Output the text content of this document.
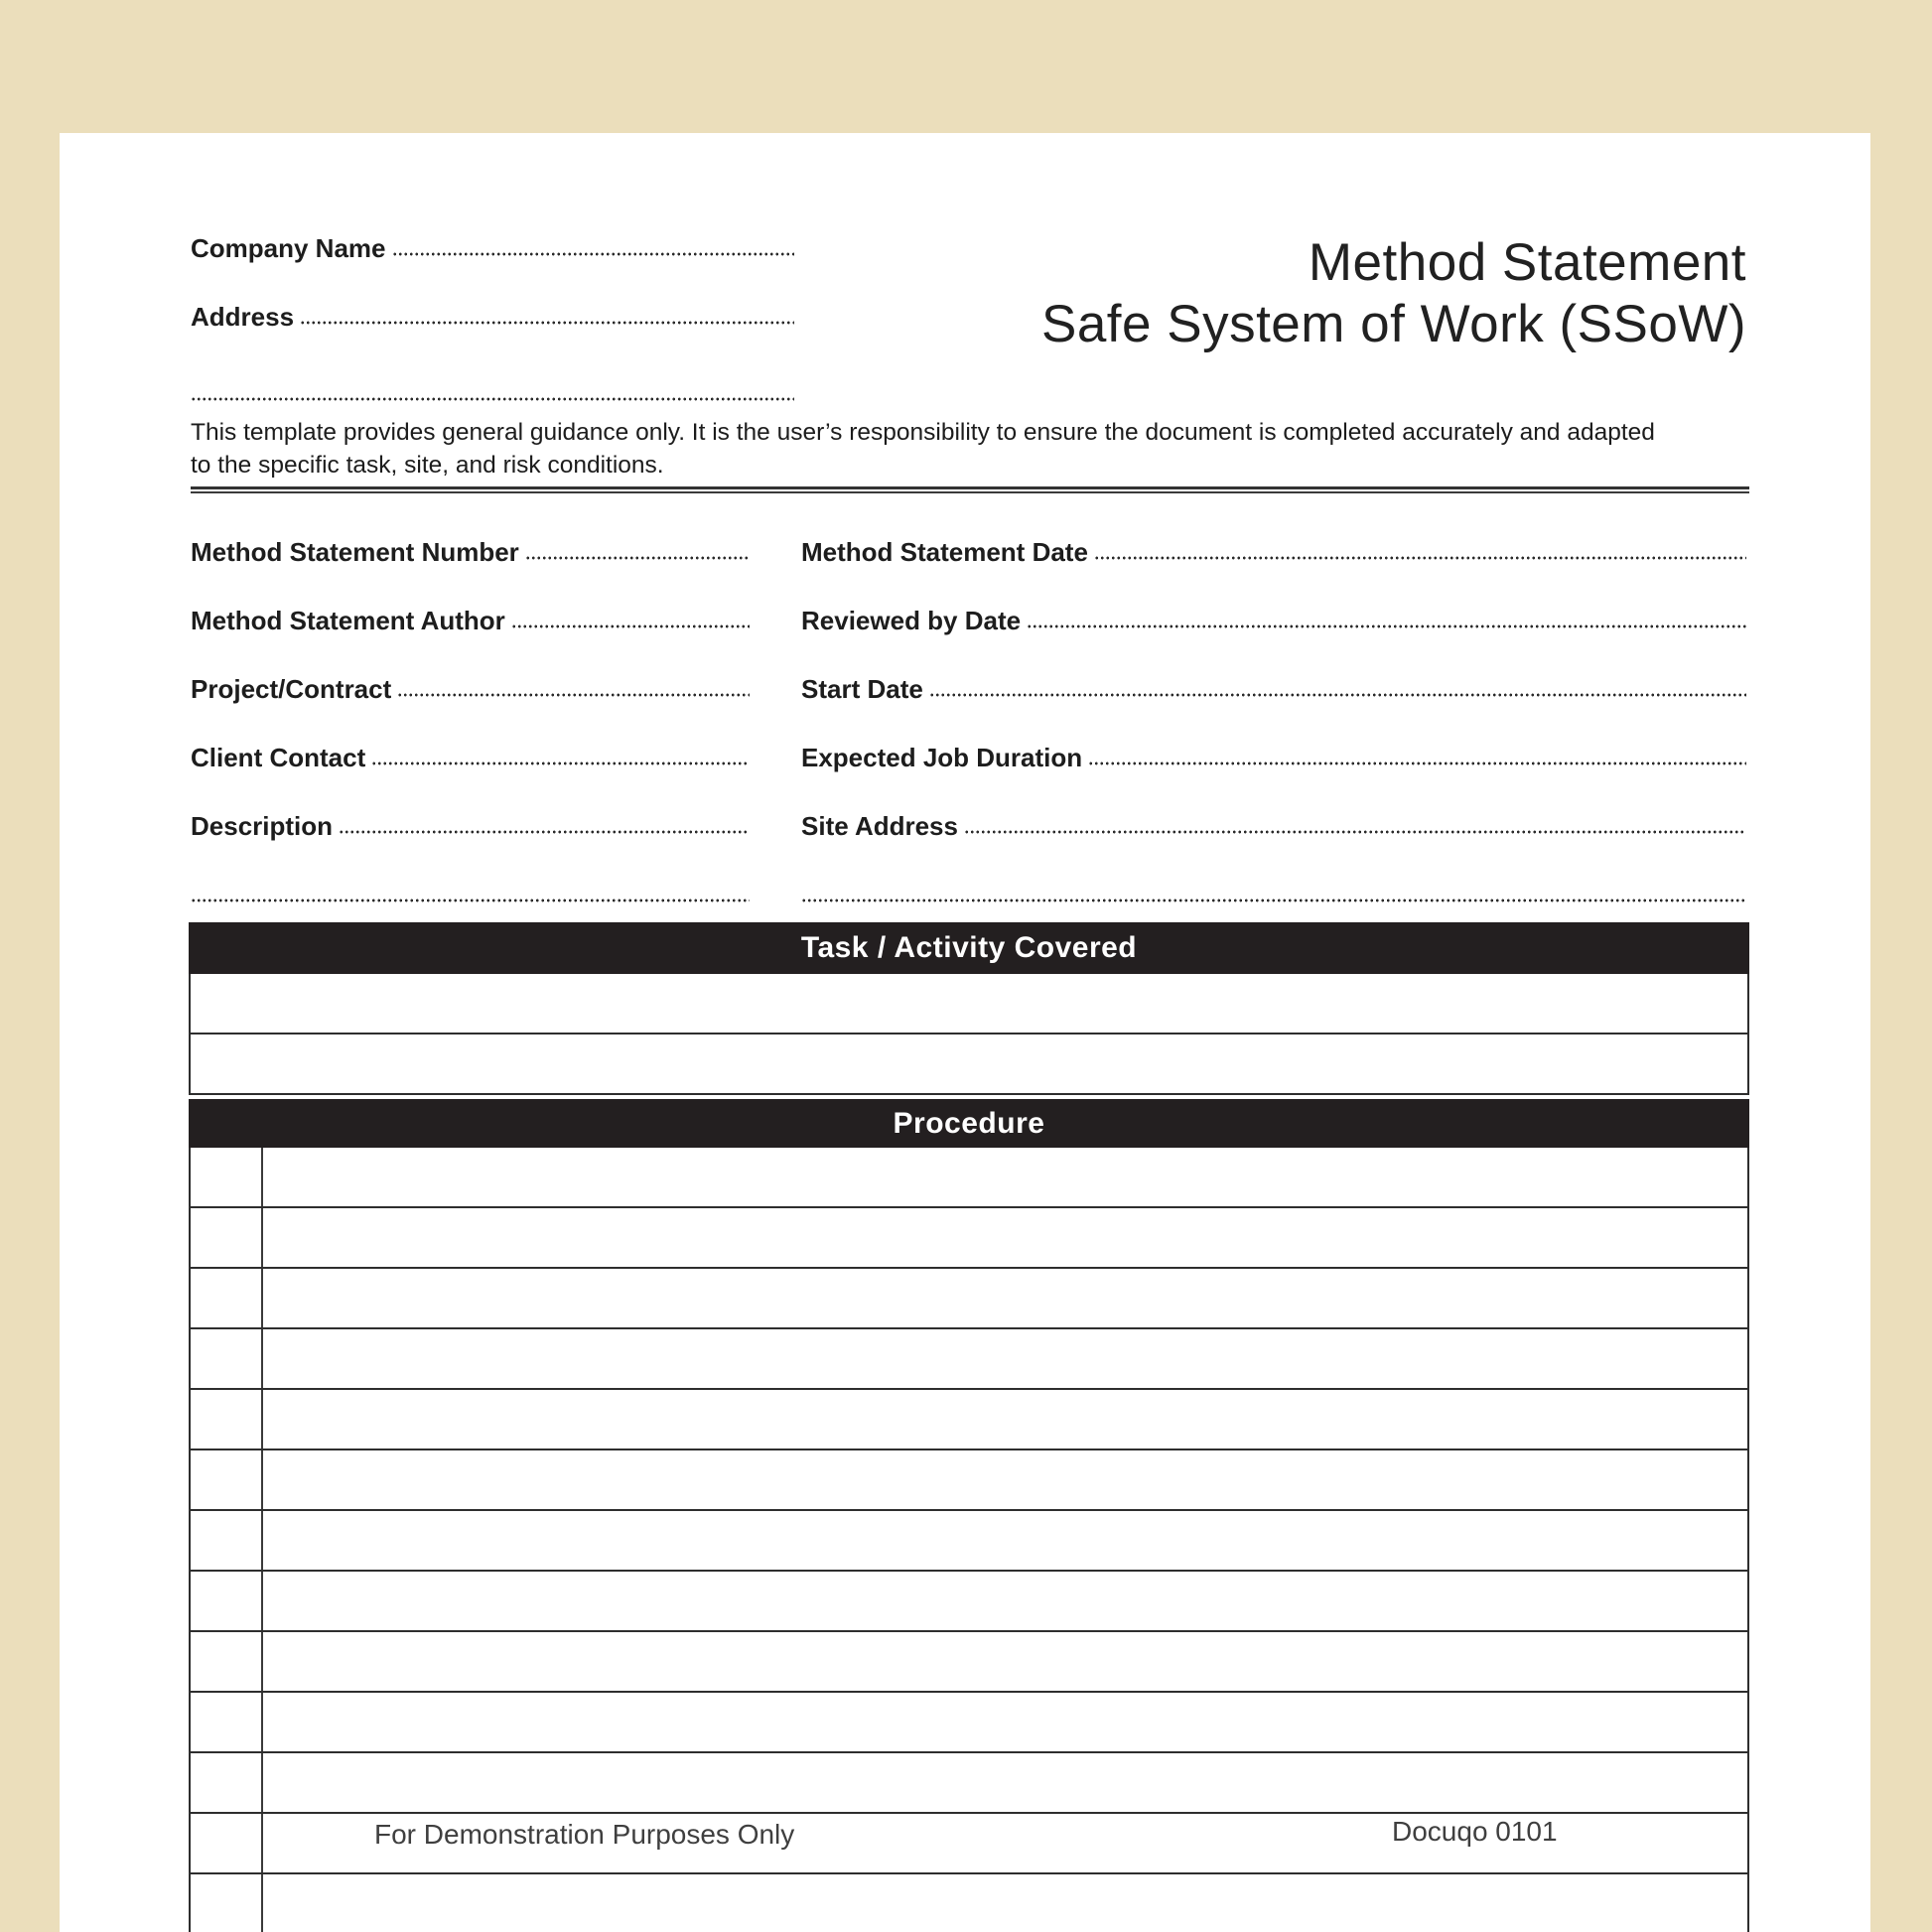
Company Name
Address
Method Statement
Safe System of Work (SSoW)
This template provides general guidance only. It is the user’s responsibility to ensure the document is completed accurately and adapted
to the specific task, site, and risk conditions.
Method Statement Number
Method Statement Author
Project/Contract
Client Contact
Description
Method Statement Date
Reviewed by Date
Start Date
Expected Job Duration
Site Address
Task / Activity Covered
Procedure
For Demonstration Purposes Only	Docuqo 0101
